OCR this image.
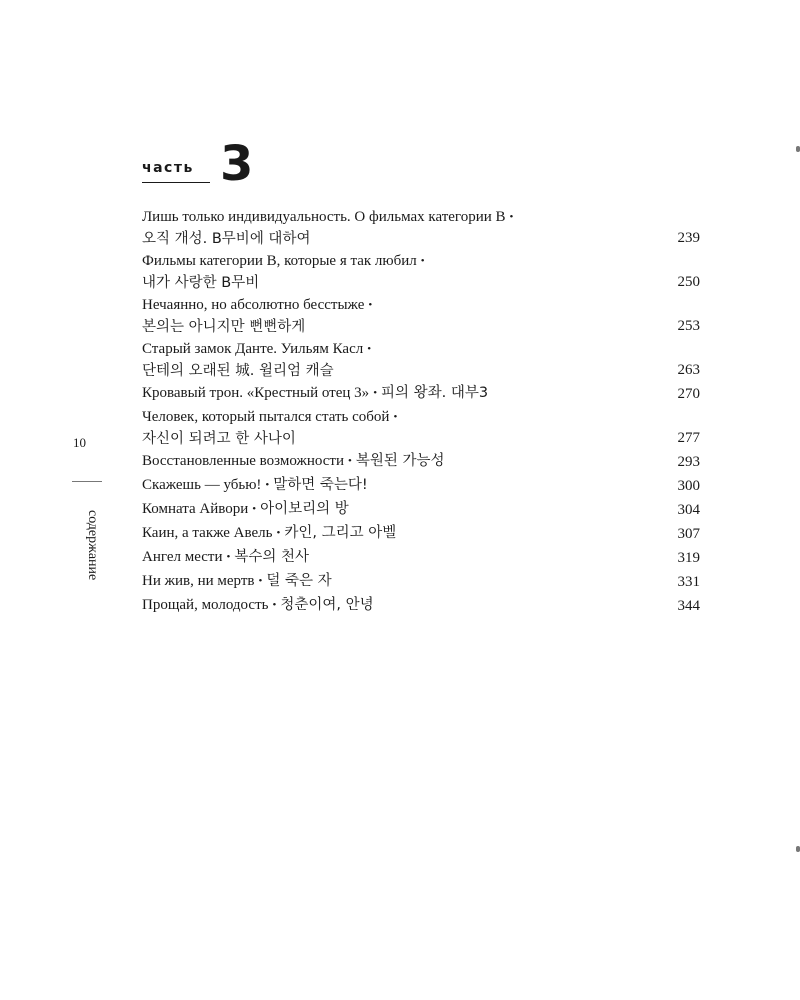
часть 3
Лишь только индивидуальность. О фильмах категории B •
오직 개성. B무비에 대하여	239
Фильмы категории B, которые я так любил •
내가 사랑한 B무비	250
Нечаянно, но абсолютно бесстыже •
본의는 아니지만 뻔뻔하게	253
Старый замок Данте. Уильям Касл •
단테의 오래된 城. 윌리엄 캐슬	263
Кровавый трон. «Крестный отец 3» • 피의 왕좌. 대부3	270
Человек, который пытался стать собой •
자신이 되려고 한 사나이	277
Восстановленные возможности • 복원된 가능성	293
Скажешь — убью! • 말하면 죽는다!	300
Комната Айвори • 아이보리의 방	304
Каин, а также Авель • 카인, 그리고 아벨	307
Ангел мести • 복수의 천사	319
Ни жив, ни мертв • 덜 죽은 자	331
Прощай, молодость • 청춘이여, 안녕	344
10
содержание
